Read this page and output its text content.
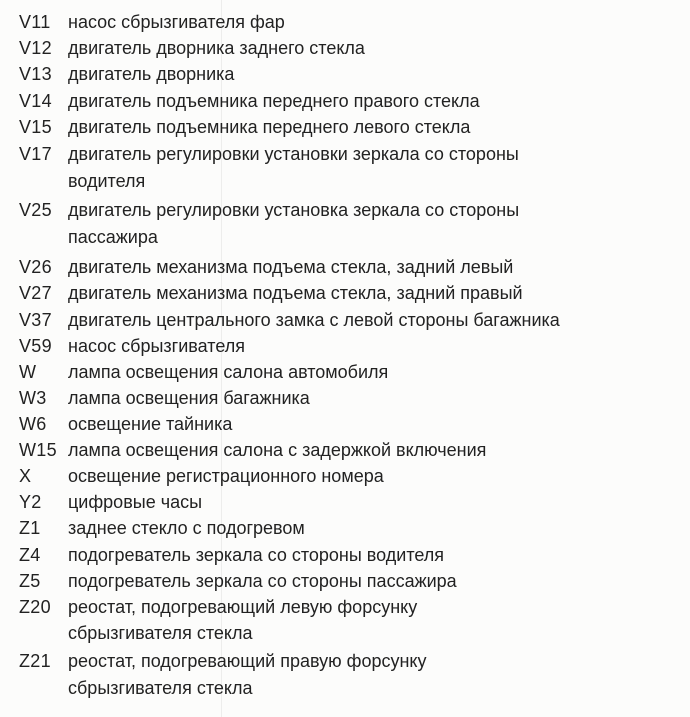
V11 насос сбрызгивателя фар
V12 двигатель дворника заднего стекла
V13 двигатель дворника
V14 двигатель подъемника переднего правого стекла
V15 двигатель подъемника переднего левого стекла
V17 двигатель регулировки установки зеркала со стороны
водителя
V25 двигатель регулировки установка зеркала со стороны
пассажира
V26 двигатель механизма подъема стекла, задний левый
V27 двигатель механизма подъема стекла, задний правый
V37 двигатель центрального замка с левой стороны багажника
V59 насос сбрызгивателя
W лампа освещения салона автомобиля
W3 лампа освещения багажника
W6 освещение тайника
W15 лампа освещения салона с задержкой включения
X освещение регистрационного номера
Y2 цифровые часы
Z1 заднее стекло с подогревом
Z4 подогреватель зеркала со стороны водителя
Z5 подогреватель зеркала со стороны пассажира
Z20 реостат, подогревающий левую форсунку
сбрызгивателя стекла
Z21 реостат, подогревающий правую форсунку
сбрызгивателя стекла
